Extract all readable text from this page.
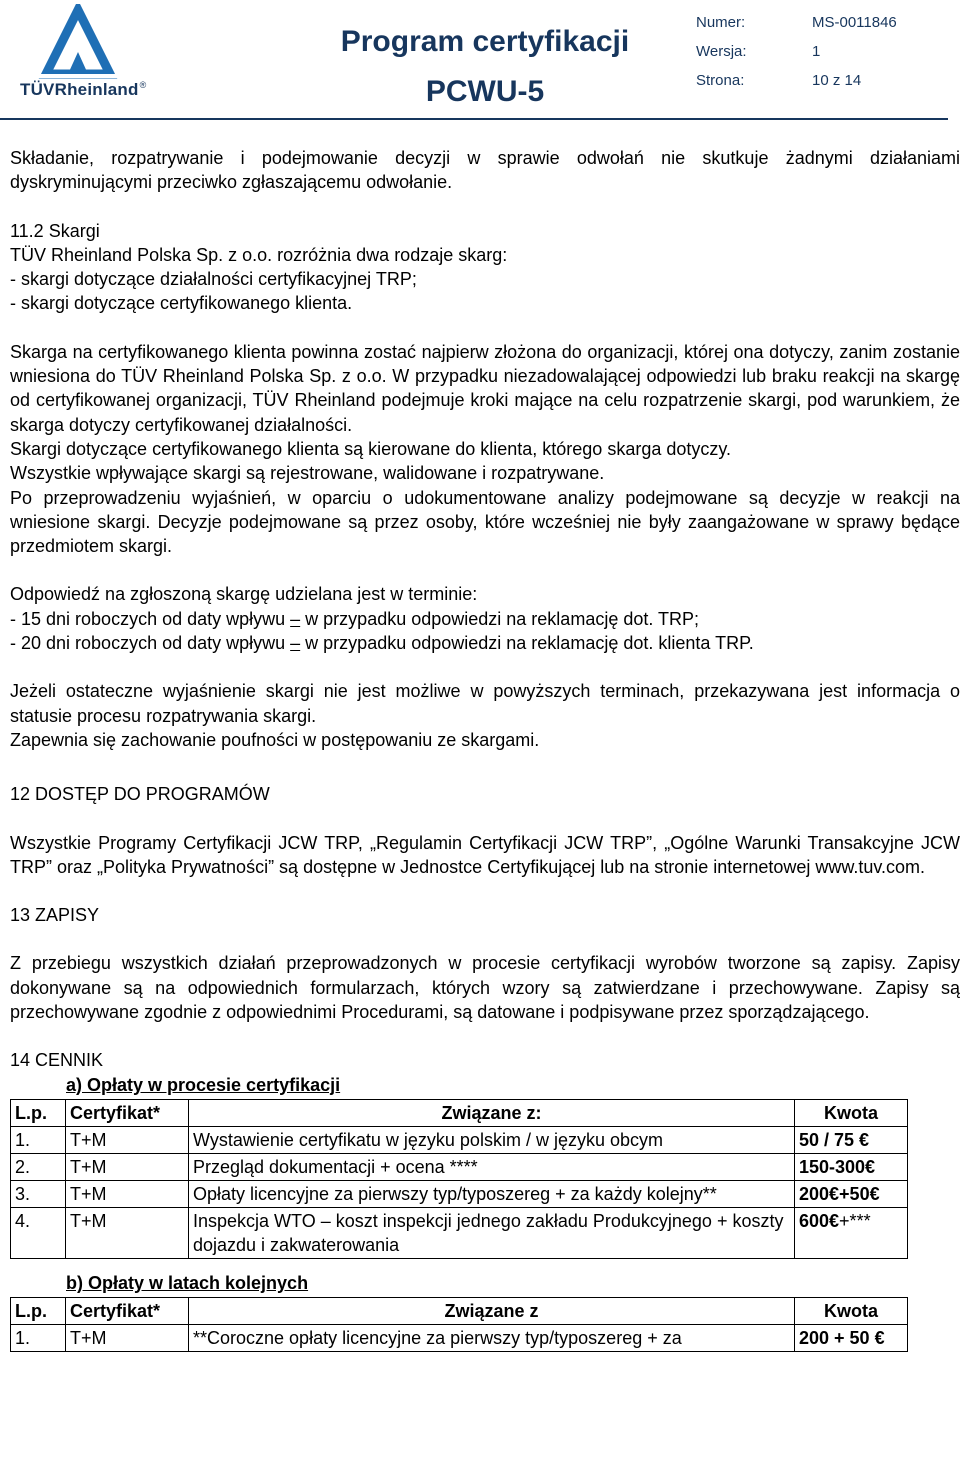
TÜVRheinland®
Program certyfikacji
PCWU-5
Numer:	MS-0011846
Wersja:	1
Strona:	10 z 14

Składanie, rozpatrywanie i podejmowanie decyzji w sprawie odwołań nie skutkuje żadnymi działaniami dyskryminującymi przeciwko zgłaszającemu odwołanie.

11.2 Skargi

TÜV Rheinland Polska Sp. z o.o. rozróżnia dwa rodzaje skarg:

- skargi dotyczące działalności certyfikacyjnej TRP;

- skargi dotyczące certyfikowanego klienta.

Skarga na certyfikowanego klienta powinna zostać najpierw złożona do organizacji, której ona dotyczy, zanim zostanie wniesiona do TÜV Rheinland Polska Sp. z o.o. W przypadku niezadowalającej odpowiedzi lub braku reakcji na skargę od certyfikowanej organizacji, TÜV Rheinland podejmuje kroki mające na celu rozpatrzenie skargi, pod warunkiem, że skarga dotyczy certyfikowanej działalności.

Skargi dotyczące certyfikowanego klienta są kierowane do klienta, którego skarga dotyczy.

Wszystkie wpływające skargi są rejestrowane, walidowane i rozpatrywane.

Po przeprowadzeniu wyjaśnień, w oparciu o udokumentowane analizy podejmowane są decyzje w reakcji na wniesione skargi. Decyzje podejmowane są przez osoby, które wcześniej nie były zaangażowane w sprawy będące przedmiotem skargi.

Odpowiedź na zgłoszoną skargę udzielana jest w terminie:

- 15 dni roboczych od daty wpływu – w przypadku odpowiedzi na reklamację dot. TRP;

- 20 dni roboczych od daty wpływu – w przypadku odpowiedzi na reklamację dot. klienta TRP.

Jeżeli ostateczne wyjaśnienie skargi nie jest możliwe w powyższych terminach, przekazywana jest informacja o statusie procesu rozpatrywania skargi.

Zapewnia się zachowanie poufności w postępowaniu ze skargami.

12 DOSTĘP DO PROGRAMÓW

Wszystkie Programy Certyfikacji JCW TRP, „Regulamin Certyfikacji JCW TRP”, „Ogólne Warunki Transakcyjne JCW TRP” oraz „Polityka Prywatności” są dostępne w Jednostce Certyfikującej lub na stronie internetowej www.tuv.com.

13 ZAPISY

Z przebiegu wszystkich działań przeprowadzonych w procesie certyfikacji wyrobów tworzone są zapisy. Zapisy dokonywane są na odpowiednich formularzach, których wzory są zatwierdzane i przechowywane. Zapisy są przechowywane zgodnie z odpowiednimi Procedurami, są datowane i podpisywane przez sporządzającego.

14 CENNIK

a) Opłaty w procesie certyfikacji

L.p.	Certyfikat*	Związane z:	Kwota
1.	T+M	Wystawienie certyfikatu w języku polskim / w języku obcym	50 / 75 €
2.	T+M	Przegląd dokumentacji + ocena ****	150-300€
3.	T+M	Opłaty licencyjne za pierwszy typ/typoszereg + za każdy kolejny**	200€+50€
4.	T+M	Inspekcja WTO – koszt inspekcji jednego zakładu Produkcyjnego + koszty dojazdu i zakwaterowania	600€+***

b) Opłaty w latach kolejnych

L.p.	Certyfikat*	Związane z	Kwota
1.	T+M	**Coroczne opłaty licencyjne za pierwszy typ/typoszereg + za	200 + 50 €
